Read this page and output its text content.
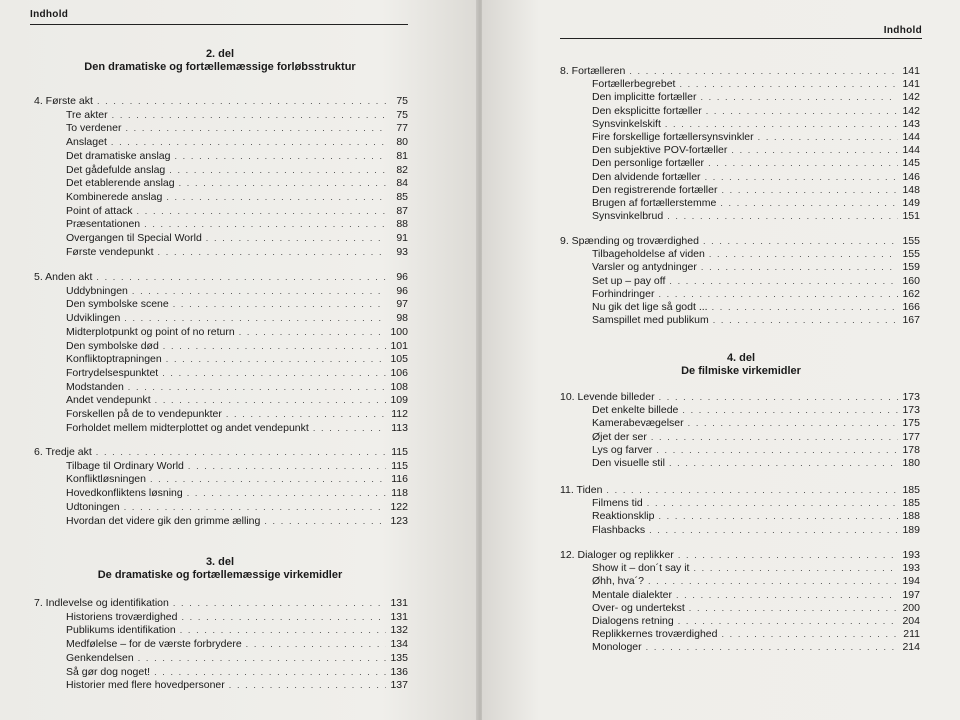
Indhold
2. del
Den dramatiske og fortællemæssige forløbsstruktur
3. del
De dramatiske og fortællemæssige virkemidler
4. Første akt . . .	75
Tre akter . . .	75
To verdener . . .	77
Anslaget . . .	80
Det dramatiske anslag . . .	81
Det gådefulde anslag . . .	82
Det etablerende anslag . . .	84
Kombinerede anslag . . .	85
Point of attack . . .	87
Præsentationen . . .	88
Overgangen til Special World . . .	91
Første vendepunkt . . .	93
5. Anden akt . . .	96
Uddybningen . . .	96
Den symbolske scene . . .	97
Udviklingen . . .	98
Midterplotpunkt og point of no return . . .	100
Den symbolske død . . .	101
Konfliktoptrapningen . . .	105
Fortrydelsespunktet . . .	106
Modstanden . . .	108
Andet vendepunkt . . .	109
Forskellen på de to vendepunkter . . .	112
Forholdet mellem midterplottet og andet vendepunkt . . .	113
6. Tredje akt . . .	115
Tilbage til Ordinary World . . .	115
Konfliktløsningen . . .	116
Hovedkonfliktens løsning . . .	118
Udtoningen . . .	122
Hvordan det videre gik den grimme ælling . . .	123
7. Indlevelse og identifikation . . .	131
Historiens troværdighed . . .	131
Publikums identifikation . . .	132
Medfølelse – for de værste forbrydere . . .	134
Genkendelsen . . .	135
Så gør dog noget! . . .	136
Historier med flere hovedpersoner . . .	137
Indhold
4. del
De filmiske virkemidler
8. Fortælleren . . .	141
Fortællerbegrebet . . .	141
Den implicitte fortæller . . .	142
Den eksplicitte fortæller . . .	142
Synsvinkelskift . . .	143
Fire forskellige fortællersynsvinkler . . .	144
Den subjektive POV-fortæller . . .	144
Den personlige fortæller . . .	145
Den alvidende fortæller . . .	146
Den registrerende fortæller . . .	148
Brugen af fortællerstemme . . .	149
Synsvinkelbrud . . .	151
9. Spænding og troværdighed . . .	155
Tilbageholdelse af viden . . .	155
Varsler og antydninger . . .	159
Set up – pay off . . .	160
Forhindringer . . .	162
Nu gik det lige så godt ... . . .	166
Samspillet med publikum . . .	167
10. Levende billeder . . .	173
Det enkelte billede . . .	173
Kamerabevægelser . . .	175
Øjet der ser . . .	177
Lys og farver . . .	178
Den visuelle stil . . .	180
11. Tiden . . .	185
Filmens tid . . .	185
Reaktionsklip . . .	188
Flashbacks . . .	189
12. Dialoger og replikker . . .	193
Show it – don´t say it . . .	193
Øhh, hva´? . . .	194
Mentale dialekter . . .	197
Over- og undertekst . . .	200
Dialogens retning . . .	204
Replikkernes troværdighed . . .	211
Monologer . . .	214
